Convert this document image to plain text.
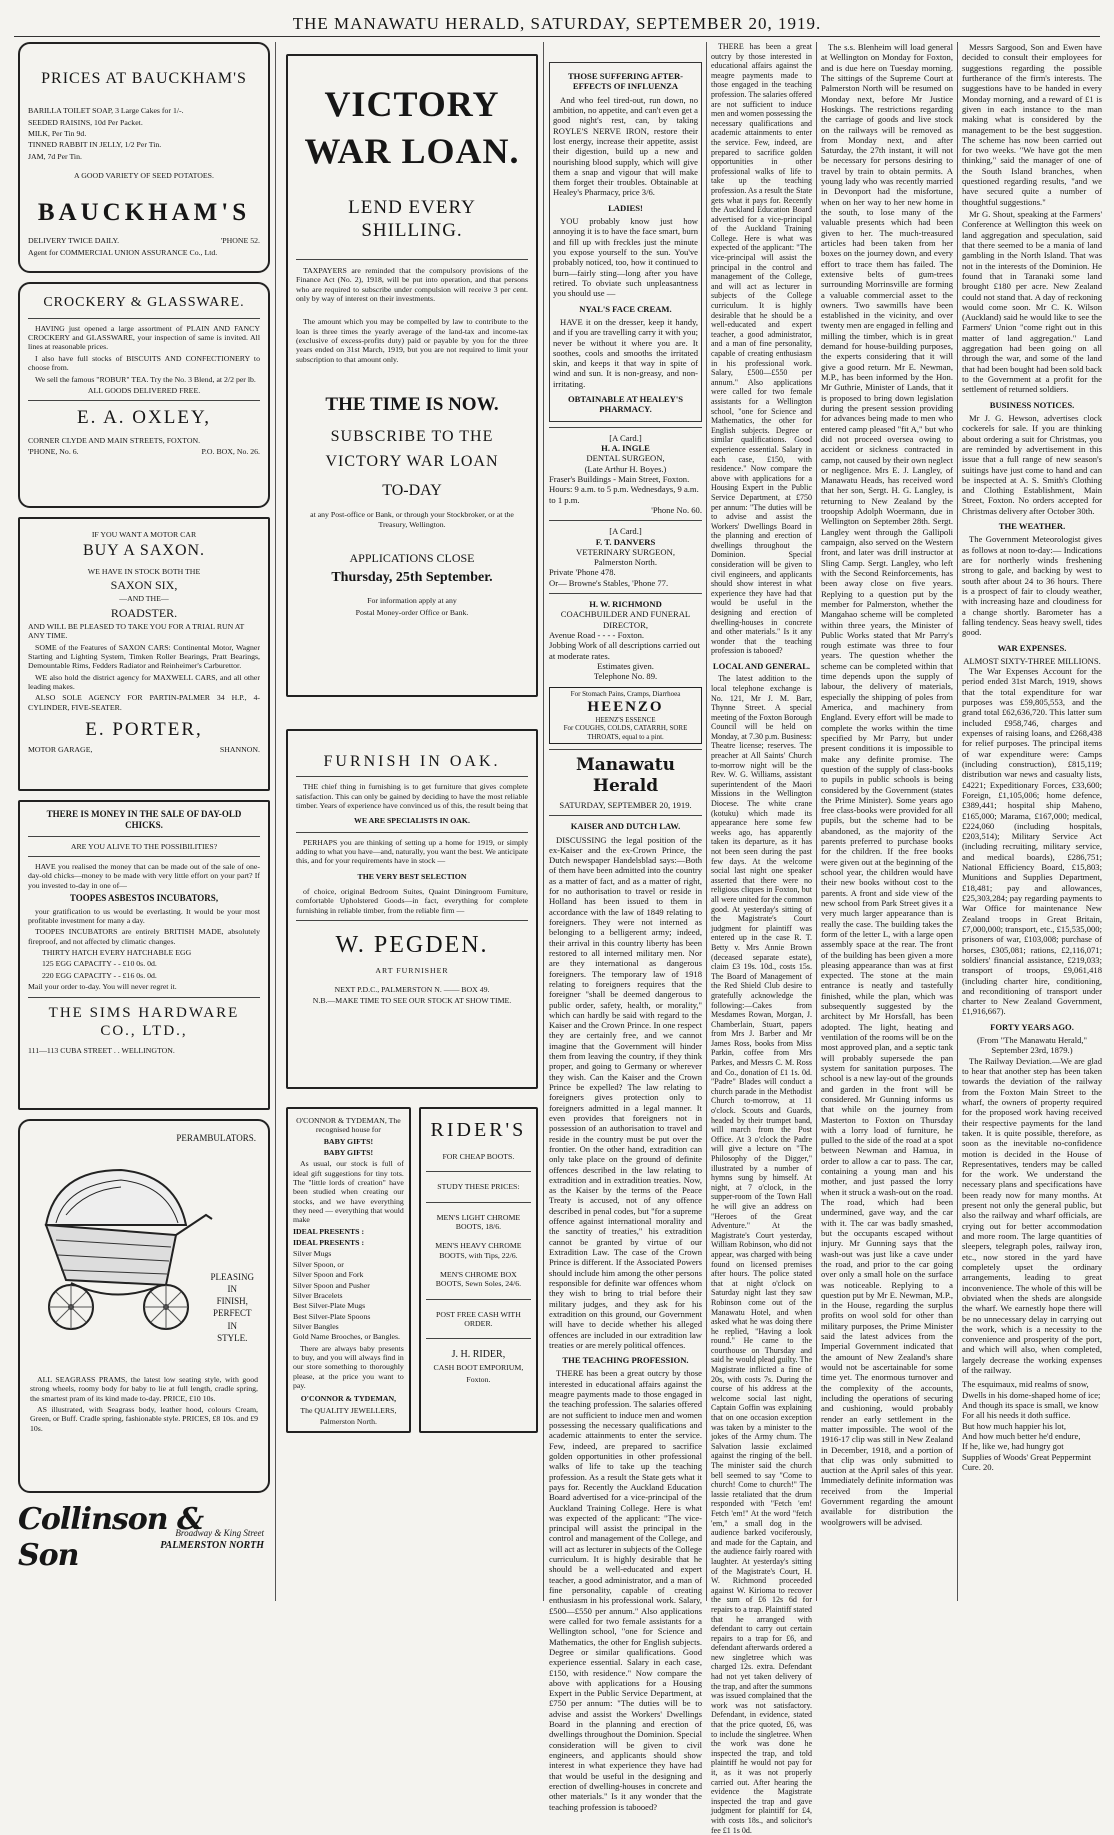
THE MANAWATU HERALD, SATURDAY, SEPTEMBER 20, 1919.
PRICES AT BAUCKHAM'S
BARILLA TOILET SOAP, 3 Large Cakes for 1/-.
SEEDED RAISINS, 10d Per Packet.
MILK, Per Tin 9d.
TINNED RABBIT IN JELLY, 1/2 Per Tin.
JAM, 7d Per Tin.
A GOOD VARIETY OF SEED POTATOES.
BAUCKHAM'S
DELIVERY TWICE DAILY.	'PHONE 52.
Agent for COMMERCIAL UNION ASSURANCE Co., Ltd.
CROCKERY & GLASSWARE.

HAVING just opened a large assortment of PLAIN AND FANCY CROCKERY and GLASSWARE, your inspection of same is invited. All lines at reasonable prices.

I also have full stocks of BISCUITS AND CONFECTIONERY to choose from.

We sell the famous "ROBUR" TEA. Try the No. 3 Blend, at 2/2 per lb.

ALL GOODS DELIVERED FREE.
E. A. OXLEY,
CORNER CLYDE AND MAIN STREETS, FOXTON.
'PHONE, No. 6.	P.O. BOX, No. 26.
IF YOU WANT A MOTOR CAR
BUY A SAXON.
WE HAVE IN STOCK BOTH THE
SAXON SIX,
—AND THE—
ROADSTER.
AND WILL BE PLEASED TO TAKE YOU FOR A TRIAL RUN AT ANY TIME.

SOME of the Features of SAXON CARS: Continental Motor, Wagner Starting and Lighting System, Timken Roller Bearings, Pratt Bearings, Demountable Rims, Fedders Radiator and Reinheimer's Carburettor.

WE also hold the district agency for MAXWELL CARS, and all other leading makes.

ALSO SOLE AGENCY FOR PARTIN-PALMER 34 H.P., 4-CYLINDER, FIVE-SEATER.

E. PORTER,
MOTOR GARAGE,	SHANNON.
THERE IS MONEY IN THE SALE OF DAY-OLD CHICKS.
ARE YOU ALIVE TO THE POSSIBILITIES?

HAVE you realised the money that can be made out of the sale of one-day-old chicks—money to be made with very little effort on your part? If you invested to-day in one of—

TOOPES ASBESTOS INCUBATORS,

your gratification to us would be everlasting. It would be your most profitable investment for many a day.

TOOPES INCUBATORS are entirely BRITISH MADE, absolutely fireproof, and not affected by climatic changes.

THIRTY HATCH EVERY HATCHABLE EGG
125 EGG CAPACITY - - £10 0s. 0d.
220 EGG CAPACITY - - £16 0s. 0d.
Mail your order to-day. You will never regret it.
THE SIMS HARDWARE CO., LTD.,
111—113 CUBA STREET . . WELLINGTON.
PERAMBULATORS.
PLEASING
IN
FINISH,
PERFECT
IN
STYLE.

ALL SEAGRASS PRAMS, the latest low seating style, with good strong wheels, roomy body for baby to lie at full length, cradle spring, the smartest pram of its kind made to-day. PRICE, £10 10s.

AS illustrated, with Seagrass body, leather hood, colours Cream, Green, or Buff. Cradle spring, fashionable style. PRICES, £8 10s. and £9 10s.

Collinson & Son
Broadway & King Street
PALMERSTON NORTH
VICTORY
WAR LOAN.
LEND EVERY
SHILLING.

TAXPAYERS are reminded that the compulsory provisions of the Finance Act (No. 2), 1918, will be put into operation, and that persons who are required to subscribe under compulsion will receive 3 per cent. only by way of interest on their investments.

The amount which you may be compelled by law to contribute to the loan is three times the yearly average of the land-tax and income-tax (exclusive of excess-profits duty) paid or payable by you for the three years ended on 31st March, 1919, but you are not required to limit your subscription to that amount only.

THE TIME IS NOW.
SUBSCRIBE TO THE
VICTORY WAR LOAN
TO-DAY
at any Post-office or Bank, or through your Stockbroker, or at the Treasury, Wellington.
APPLICATIONS CLOSE
Thursday, 25th September.
For information apply at any
Postal Money-order Office or Bank.
FURNISH IN OAK.

THE chief thing in furnishing is to get furniture that gives complete satisfaction. This can only be gained by deciding to have the most reliable timber. Years of experience have convinced us of this, the result being that

WE ARE SPECIALISTS IN OAK.

PERHAPS you are thinking of setting up a home for 1919, or simply adding to what you have—and, naturally, you want the best. We anticipate this, and for your requirements have in stock —

THE VERY BEST SELECTION

of choice, original Bedroom Suites, Quaint Diningroom Furniture, comfortable Upholstered Goods—in fact, everything for complete furnishing in reliable timber, from the reliable firm —

W. PEGDEN.
ART FURNISHER
NEXT P.D.C., PALMERSTON N. —— BOX 49.
N.B.—MAKE TIME TO SEE OUR STOCK AT SHOW TIME.
O'CONNOR & TYDEMAN, The recognised house for
BABY GIFTS!
BABY GIFTS!

As usual, our stock is full of ideal gift suggestions for tiny tots. The "little lords of creation" have been studied when creating our stocks, and we have everything they need — everything that would make

IDEAL PRESENTS :
IDEAL PRESENTS :
Silver Mugs
Silver Spoon, or
Silver Spoon and Fork
Silver Spoon and Pusher
Silver Bracelets
Best Silver-Plate Mugs
Best Silver-Plate Spoons
Silver Bangles
Gold Name Brooches, or Bangles.

There are always baby presents to buy, and you will always find in our store something to thoroughly please, at the price you want to pay.

O'CONNOR & TYDEMAN,
The QUALITY JEWELLERS,
Palmerston North.
RIDER'S
FOR CHEAP BOOTS.
STUDY THESE PRICES:
MEN'S LIGHT CHROME BOOTS, 18/6.
MEN'S HEAVY CHROME BOOTS, with Tips, 22/6.
MEN'S CHROME BOX BOOTS, Sewn Soles, 24/6.
POST FREE CASH WITH ORDER.
J. H. RIDER,
CASH BOOT EMPORIUM,
Foxton.
THOSE SUFFERING AFTER-EFFECTS OF INFLUENZA

And who feel tired-out, run down, no ambition, no appetite, and can't even get a good night's rest, can, by taking ROYLE'S NERVE IRON, restore their lost energy, increase their appetite, assist their digestion, build up a new and nourishing blood supply, which will give them a snap and vigour that will make them forget their troubles. Obtainable at Healey's Pharmacy, price 3/6.

LADIES!

YOU probably know just how annoying it is to have the face smart, burn and fill up with freckles just the minute you expose yourself to the sun. You've probably noticed, too, how it continued to burn—fairly sting—long after you have retired. To obviate such unpleasantness you should use —

NYAL'S FACE CREAM.

HAVE it on the dresser, keep it handy, and if you are travelling carry it with you; never be without it where you are. It soothes, cools and smooths the irritated skin, and keeps it that way in spite of wind and sun. It is non-greasy, and non-irritating.

OBTAINABLE AT HEALEY'S PHARMACY.
[A Card.]
H. A. INGLE
DENTAL SURGEON,
(Late Arthur H. Boyes.)
Fraser's Buildings - Main Street, Foxton.
Hours: 9 a.m. to 5 p.m. Wednesdays, 9 a.m. to 1 p.m.
'Phone No. 60.
[A Card.]
F. T. DANVERS
VETERINARY SURGEON,
Palmerston North.
Private 'Phone 478.
Or— Browne's Stables, 'Phone 77.
H. W. RICHMOND
COACHBUILDER AND FUNERAL DIRECTOR,
Avenue Road - - - - Foxton.
Jobbing Work of all descriptions carried out at moderate rates.
Estimates given.
Telephone No. 89.
For Stomach Pains, Cramps, Diarrhoea
HEENZO
HEENZ'S ESSENCE
For COUGHS, COLDS, CATARRH, SORE THROATS, equal to a pint.
Manawatu Herald
SATURDAY, SEPTEMBER 20, 1919.
KAISER AND DUTCH LAW.

DISCUSSING the legal position of the ex-Kaiser and the ex-Crown Prince, the Dutch newspaper Handelsblad says:—Both of them have been admitted into the country as a matter of fact, and as a matter of right, for no authorisation to travel or reside in Holland has been issued to them in accordance with the law of 1849 relating to foreigners. They were not interned as belonging to a belligerent army; indeed, their arrival in this country liberty has been restored to all interned military men. Nor are they international as dangerous foreigners. The temporary law of 1918 relating to foreigners requires that the foreigner "shall be deemed dangerous to public order, safety, health, or morality," which can hardly be said with regard to the Kaiser and the Crown Prince. In one respect they are certainly free, and we cannot imagine that the Government will hinder them from leaving the country, if they think proper, and going to Germany or wherever they wish. Can the Kaiser and the Crown Prince be expelled? The law relating to foreigners gives protection only to foreigners admitted in a legal manner. It even provides that foreigners not in possession of an authorisation to travel and reside in the country must be put over the frontier. On the other hand, extradition can only take place on the ground of definite offences described in the law relating to extradition and in extradition treaties. Now, as the Kaiser by the terms of the Peace Treaty is accused, not of any offence described in penal codes, but "for a supreme offence against international morality and the sanctity of treaties," his extradition cannot be granted by virtue of our Extradition Law. The case of the Crown Prince is different. If the Associated Powers should include him among the other persons responsible for definite war offences whom they wish to bring to trial before their military judges, and they ask for his extradition on this ground, our Government will have to decide whether his alleged offences are included in our extradition law treaties or are merely political offences.

THE TEACHING PROFESSION.

THERE has been a great outcry by those interested in educational affairs against the meagre payments made to those engaged in the teaching profession. The salaries offered are not sufficient to induce men and women possessing the necessary qualifications and academic attainments to enter the service. Few, indeed, are prepared to sacrifice golden opportunities in other professional walks of life to take up the teaching profession. As a result the State gets what it pays for. Recently the Auckland Education Board advertised for a vice-principal of the Auckland Training College. Here is what was expected of the applicant: "The vice-principal will assist the principal in the control and management of the College, and will act as lecturer in subjects of the College curriculum. It is highly desirable that he should be a well-educated and expert teacher, a good administrator, and a man of fine personality, capable of creating enthusiasm in his professional work. Salary, £500—£550 per annum." Also applications were called for two female assistants for a Wellington school, "one for Science and Mathematics, the other for English subjects. Degree or similar qualifications. Good experience essential. Salary in each case, £150, with residence." Now compare the above with applications for a Housing Expert in the Public Service Department, at £750 per annum: "The duties will be to advise and assist the Workers' Dwellings Board in the planning and erection of dwellings throughout the Dominion. Special consideration will be given to civil engineers, and applicants should show interest in what experience they have had that would be useful in the designing and erection of dwelling-houses in concrete and other materials." Is it any wonder that the teaching profession is tabooed?

THERE has been a great outcry by those interested in educational affairs against the meagre payments made to those engaged in the teaching profession. The salaries offered are not sufficient to induce men and women possessing the necessary qualifications and academic attainments to enter the service. Few, indeed, are prepared to sacrifice golden opportunities in other professional walks of life to take up the teaching profession. As a result the State gets what it pays for. Recently the Auckland Education Board advertised for a vice-principal of the Auckland Training College. Here is what was expected of the applicant: "The vice-principal will assist the principal in the control and management of the College, and will act as lecturer in subjects of the College curriculum. It is highly desirable that he should be a well-educated and expert teacher, a good administrator, and a man of fine personality, capable of creating enthusiasm in his professional work. Salary, £500—£550 per annum." Also applications were called for two female assistants for a Wellington school, "one for Science and Mathematics, the other for English subjects. Degree or similar qualifications. Good experience essential. Salary in each case, £150, with residence." Now compare the above with applications for a Housing Expert in the Public Service Department, at £750 per annum: "The duties will be to advise and assist the Workers' Dwellings Board in the planning and erection of dwellings throughout the Dominion. Special consideration will be given to civil engineers, and applicants should show interest in what experience they have had that would be useful in the designing and erection of dwelling-houses in concrete and other materials." Is it any wonder that the teaching profession is tabooed?

LOCAL AND GENERAL.

The latest addition to the local telephone exchange is No. 121, Mr J. M. Barr, Thynne Street. A special meeting of the Foxton Borough Council will be held on Monday, at 7.30 p.m. Business: Theatre license; reserves. The preacher at All Saints' Church to-morrow night will be the Rev. W. G. Williams, assistant superintendent of the Maori Missions in the Wellington Diocese. The white crane (kotuku) which made its appearance here some few weeks ago, has apparently taken its departure, as it has not been seen during the past few days. At the welcome social last night one speaker asserted that there were no religious cliques in Foxton, but all were united for the common good. At yesterday's sitting of the Magistrate's Court judgment for plaintiff was entered up in the case R. T. Betty v. Mrs Annie Brown (deceased separate estate), claim £3 19s. 10d., costs 15s. The Board of Management of the Red Shield Club desire to gratefully acknowledge the following:—Cakes from Mesdames Rowan, Morgan, J. Chamberlain, Stuart, papers from Mrs J. Barber and Mr James Ross, books from Miss Parkin, coffee from Mrs Parkes, and Messrs C. M. Ross and Co., donation of £1 1s. 0d. "Padre" Blades will conduct a church parade in the Methodist Church to-morrow, at 11 o'clock. Scouts and Guards, headed by their trumpet band, will march from the Post Office. At 3 o'clock the Padre will give a lecture on "The Philosophy of the Digger," illustrated by a number of hymns sung by himself. At night, at 7 o'clock, in the supper-room of the Town Hall he will give an address on "Heroes of the Great Adventure." At the Magistrate's Court yesterday, William Robinson, who did not appear, was charged with being found on licensed premises after hours. The police stated that at night o'clock on Saturday night last they saw Robinson come out of the Manawatu Hotel, and when asked what he was doing there he replied, "Having a look round." He came to the courthouse on Thursday and said he would plead guilty. The Magistrate inflicted a fine of 20s, with costs 7s. During the course of his address at the welcome social last night, Captain Goffin was explaining that on one occasion exception was taken by a minister to the jokes of the Army chum. The Salvation lassie exclaimed against the ringing of the bell. The minister said the church bell seemed to say "Come to church! Come to church!" The lassie retaliated that the drum responded with "Fetch 'em! Fetch 'em!" At the word "fetch 'em," a small dog in the audience barked vociferously, and made for the Captain, and the audience fairly roared with laughter. At yesterday's sitting of the Magistrate's Court, H. W. Richmond proceeded against W. Kirioma to recover the sum of £6 12s 6d for repairs to a trap. Plaintiff stated that he arranged with defendant to carry out certain repairs to a trap for £6, and defendant afterwards ordered a new singletree which was charged 12s. extra. Defendant had not yet taken delivery of the trap, and after the summons was issued complained that the work was not satisfactory. Defendant, in evidence, stated that the price quoted, £6, was to include the singletree. When the work was done he inspected the trap, and told plaintiff he would not pay for it, as it was not properly carried out. After hearing the evidence the Magistrate inspected the trap and gave judgment for plaintiff for £4, with costs 18s., and solicitor's fee £1 1s 0d.

The s.s. Blenheim will load general at Wellington on Monday for Foxton, and is due here on Tuesday morning. The sittings of the Supreme Court at Palmerston North will be resumed on Monday next, before Mr Justice Hoskings. The restrictions regarding the carriage of goods and live stock on the railways will be removed as from Monday next, and after Saturday, the 27th instant, it will not be necessary for persons desiring to travel by train to obtain permits. A young lady who was recently married in Devonport had the misfortune, when on her way to her new home in the south, to lose many of the valuable presents which had been given to her. The much-treasured articles had been taken from her boxes on the journey down, and every effort to trace them has failed. The extensive belts of gum-trees surrounding Morrinsville are forming a valuable commercial asset to the owners. Two sawmills have been established in the vicinity, and over twenty men are engaged in felling and milling the timber, which is in great demand for house-building purposes, the experts considering that it will give a good return. Mr E. Newman, M.P., has been informed by the Hon. Mr Guthrie, Minister of Lands, that it is proposed to bring down legislation during the present session providing for advances being made to men who entered camp pleased "fit A," but who did not proceed oversea owing to accident or sickness contracted in camp, not caused by their own neglect or negligence. Mrs E. J. Langley, of Manawatu Heads, has received word that her son, Sergt. H. G. Langley, is returning to New Zealand by the troopship Adolph Woermann, due in Wellington on September 28th. Sergt. Langley went through the Gallipoli campaign, also served on the Western front, and later was drill instructor at Sling Camp. Sergt. Langley, who left with the Second Reinforcements, has been away close on five years. Replying to a question put by the member for Palmerston, whether the Mangahao scheme will be completed within three years, the Minister of Public Works stated that Mr Parry's rough estimate was three to four years. The question whether the scheme can be completed within that time depends upon the supply of labour, the delivery of materials, especially the shipping of poles from America, and machinery from England. Every effort will be made to complete the works within the time specified by Mr Parry, but under present conditions it is impossible to make any definite promise. The question of the supply of class-books to pupils in public schools is being considered by the Government (states the Prime Minister). Some years ago free class-books were provided for all pupils, but the scheme had to be abandoned, as the majority of the parents preferred to purchase books for the children. If the free books were given out at the beginning of the school year, the children would have their new books without cost to the parents. A front and side view of the new school from Park Street gives it a very much larger appearance than is really the case. The building takes the form of the letter L, with a large open assembly space at the rear. The front of the building has been given a more pleasing appearance than was at first expected. The stone at the main entrance is neatly and tastefully finished, while the plan, which was subsequently suggested by the architect by Mr Horsfall, has been adopted. The light, heating and ventilation of the rooms will be on the most approved plan, and a septic tank will probably supersede the pan system for sanitation purposes. The school is a new lay-out of the grounds and garden in the front will be considered. Mr Gunning informs us that while on the journey from Masterton to Foxton on Thursday with a lorry load of furniture, he pulled to the side of the road at a spot between Newman and Hamua, in order to allow a car to pass. The car, containing a young man and his mother, and just passed the lorry when it struck a wash-out on the road. The road, which had been undermined, gave way, and the car with it. The car was badly smashed, but the occupants escaped without injury. Mr Gunning says that the wash-out was just like a cave under the road, and prior to the car going over only a small hole on the surface was noticeable. Replying to a question put by Mr E. Newman, M.P., in the House, regarding the surplus profits on wool sold for other than military purposes, the Prime Minister said the latest advices from the Imperial Government indicated that the amount of New Zealand's share would not be ascertainable for some time yet. The enormous turnover and the complexity of the accounts, including the operations of securing and cushioning, would probably render an early settlement in the matter impossible. The wool of the 1916-17 clip was still in New Zealand in December, 1918, and a portion of that clip was only submitted to auction at the April sales of this year. Immediately definite information was received from the Imperial Government regarding the amount available for distribution the woolgrowers will be advised.

Messrs Sargood, Son and Ewen have decided to consult their employees for suggestions regarding the possible furtherance of the firm's interests. The suggestions have to be handed in every Monday morning, and a reward of £1 is given in each instance to the man making what is considered by the management to be the best suggestion. The scheme has now been carried out for two weeks. "We have got the men thinking," said the manager of one of the South Island branches, when questioned regarding results, "and we have secured quite a number of thoughtful suggestions."

Mr G. Shout, speaking at the Farmers' Conference at Wellington this week on land aggregation and speculation, said that there seemed to be a mania of land gambling in the North Island. That was not in the interests of the Dominion. He found that in Taranaki some land brought £180 per acre. New Zealand could not stand that. A day of reckoning would come soon. Mr C. K. Wilson (Auckland) said he would like to see the Farmers' Union "come right out in this matter of land aggregation." Land aggregation had been going on all through the war, and some of the land that had been bought had been sold back to the Government at a profit for the settlement of returned soldiers.

BUSINESS NOTICES.

Mr J. G. Hewson, advertises clock cockerels for sale. If you are thinking about ordering a suit for Christmas, you are reminded by advertisement in this issue that a full range of new season's suitings have just come to hand and can be inspected at A. S. Smith's Clothing and Clothing Establishment, Main Street, Foxton. No orders accepted for Christmas delivery after October 30th.

THE WEATHER.

The Government Meteorologist gives as follows at noon to-day:— Indications are for northerly winds freshening strong to gale, and backing by west to south after about 24 to 36 hours. There is a prospect of fair to cloudy weather, with increasing haze and cloudiness for a change shortly. Barometer has a falling tendency. Seas heavy swell, tides good.

WAR EXPENSES.
ALMOST SIXTY-THREE MILLIONS.

The War Expenses Account for the period ended 31st March, 1919, shows that the total expenditure for war purposes was £59,805,553, and the grand total £62,636,720. This latter sum included £958,746, charges and expenses of raising loans, and £268,438 for relief purposes. The principal items of war expenditure were: Camps (including construction), £815,119; distribution war news and casualty lists, £4221; Expeditionary Forces, £33,600; Foreign, £1,105,006; home defence, £389,441; hospital ship Maheno, £165,000; Marama, £167,000; medical, £224,060 (including hospitals, £203,514); Military Service Act (including recruiting, military service, and medical boards), £286,751; National Efficiency Board, £15,803; Munitions and Supplies Department, £18,481; pay and allowances, £25,303,284; pay regarding payments to War Office for maintenance New Zealand troops in Great Britain, £7,000,000; transport, etc., £15,535,000; prisoners of war, £103,008; purchase of horses, £305,081; rations, £2,116,071; soldiers' financial assistance, £219,033; transport of troops, £9,061,418 (including charter hire, conditioning, and reconditioning of transport under charter to New Zealand Government, £1,916,667).

FORTY YEARS AGO.
(From "The Manawatu Herald," September 23rd, 1879.)

The Railway Deviation.—We are glad to hear that another step has been taken towards the deviation of the railway from the Foxton Main Street to the wharf, the owners of property required for the proposed work having received their respective payments for the land taken. It is quite possible, therefore, as soon as the inevitable no-confidence motion is decided in the House of Representatives, tenders may be called for the work. We understand the necessary plans and specifications have been ready now for many months. At present not only the general public, but also the railway and wharf officials, are crying out for better accommodation and more room. The large quantities of sleepers, telegraph poles, railway iron, etc., now stored in the yard have completely upset the ordinary arrangements, leading to great inconvenience. The whole of this will be obviated when the sheds are alongside the wharf. We earnestly hope there will be no unnecessary delay in carrying out the work, which is a necessity to the convenience and prosperity of the port, and which will also, when completed, largely decrease the working expenses of the railway.

The esquimaux, mid realms of snow,
Dwells in his dome-shaped home of ice;
And though its space is small, we know
For all his needs it doth suffice.
But how much happier his lot,
And how much better he'd endure,
If he, like we, had hungry got
Supplies of Woods' Great Peppermint Cure. 20.
